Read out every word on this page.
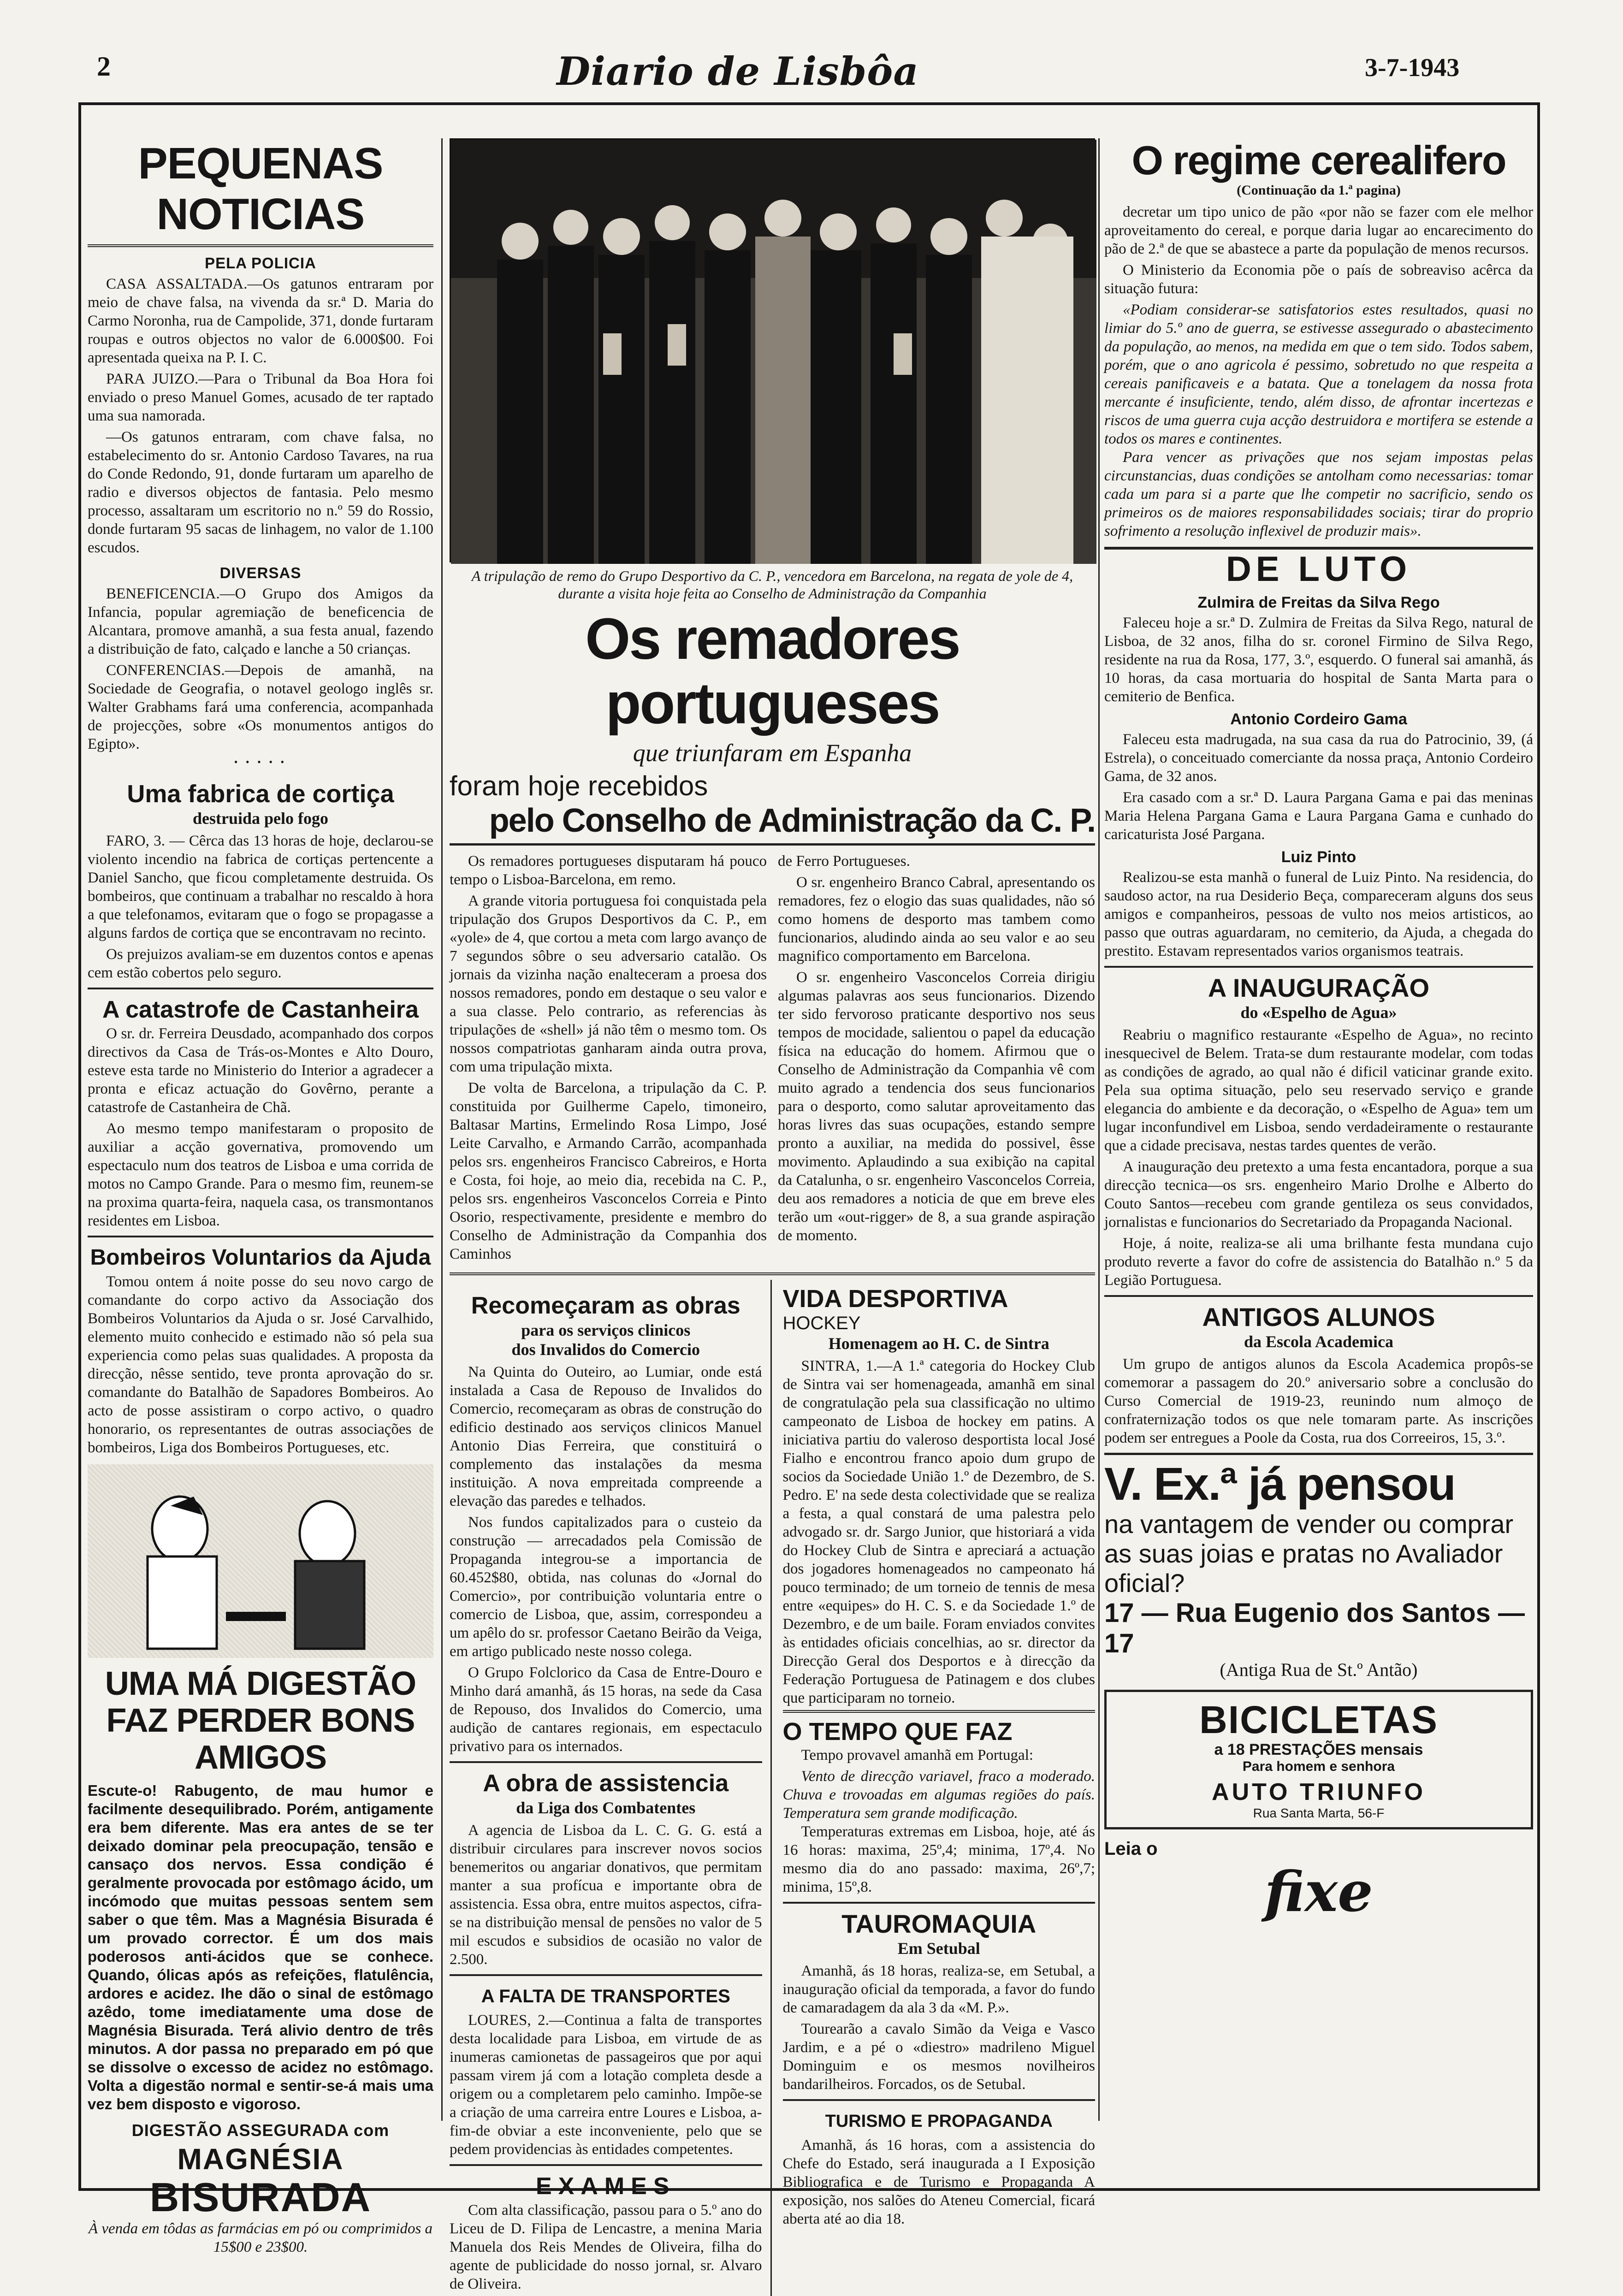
2	Diario de Lisbôa	3-7-1943
PEQUENAS NOTICIAS
PELA POLICIA

CASA ASSALTADA.—Os gatunos entraram por meio de chave falsa, na vivenda da sr.ª D. Maria do Carmo Noronha, rua de Campolide, 371, donde furtaram roupas e outros objectos no valor de 6.000$00. Foi apresentada queixa na P. I. C.

PARA JUIZO.—Para o Tribunal da Boa Hora foi enviado o preso Manuel Gomes, acusado de ter raptado uma sua namorada.

—Os gatunos entraram, com chave falsa, no estabelecimento do sr. Antonio Cardoso Tavares, na rua do Conde Redondo, 91, donde furtaram um aparelho de radio e diversos objectos de fantasia. Pelo mesmo processo, assaltaram um escritorio no n.º 59 do Rossio, donde furtaram 95 sacas de linhagem, no valor de 1.100 escudos.

DIVERSAS

BENEFICENCIA.—O Grupo dos Amigos da Infancia, popular agremiação de beneficencia de Alcantara, promove amanhã, a sua festa anual, fazendo a distribuição de fato, calçado e lanche a 50 crianças.

CONFERENCIAS.—Depois de amanhã, na Sociedade de Geografia, o notavel geologo inglês sr. Walter Grabhams fará uma conferencia, acompanhada de projecções, sobre «Os monumentos antigos do Egipto».

• • • • •
Uma fabrica de cortiça
destruida pelo fogo

FARO, 3. — Cêrca das 13 horas de hoje, declarou-se violento incendio na fabrica de cortiças pertencente a Daniel Sancho, que ficou completamente destruida. Os bombeiros, que continuam a trabalhar no rescaldo à hora a que telefonamos, evitaram que o fogo se propagasse a alguns fardos de cortiça que se encontravam no recinto.

Os prejuizos avaliam-se em duzentos contos e apenas cem estão cobertos pelo seguro.

A catastrofe de Castanheira

O sr. dr. Ferreira Deusdado, acompanhado dos corpos directivos da Casa de Trás-os-Montes e Alto Douro, esteve esta tarde no Ministerio do Interior a agradecer a pronta e eficaz actuação do Govêrno, perante a catastrofe de Castanheira de Chã.

Ao mesmo tempo manifestaram o proposito de auxiliar a acção governativa, promovendo um espectaculo num dos teatros de Lisboa e uma corrida de motos no Campo Grande. Para o mesmo fim, reunem-se na proxima quarta-feira, naquela casa, os transmontanos residentes em Lisboa.

Bombeiros Voluntarios da Ajuda

Tomou ontem á noite posse do seu novo cargo de comandante do corpo activo da Associação dos Bombeiros Voluntarios da Ajuda o sr. José Carvalhido, elemento muito conhecido e estimado não só pela sua experiencia como pelas suas qualidades. A proposta da direcção, nêsse sentido, teve pronta aprovação do sr. comandante do Batalhão de Sapadores Bombeiros. Ao acto de posse assistiram o corpo activo, o quadro honorario, os representantes de outras associações de bombeiros, Liga dos Bombeiros Portugueses, etc.

UMA MÁ DIGESTÃO FAZ PERDER BONS AMIGOS

Escute-o! Rabugento, de mau humor e facilmente desequilibrado. Porém, antigamente era bem diferente. Mas era antes de se ter deixado dominar pela preocupação, tensão e cansaço dos nervos. Essa condição é geralmente provocada por estômago ácido, um incómodo que muitas pessoas sentem sem saber o que têm. Mas a Magnésia Bisurada é um provado corrector. É um dos mais poderosos anti-ácidos que se conhece. Quando, ólicas após as refeições, flatulência, ardores e acidez. Ihe dão o sinal de estômago azêdo, tome imediatamente uma dose de Magnésia Bisurada. Terá alivio dentro de três minutos. A dor passa no preparado em pó que se dissolve o excesso de acidez no estômago. Volta a digestão normal e sentir-se-á mais uma vez bem disposto e vigoroso.

DIGESTÃO ASSEGURADA com
MAGNÉSIA
BISURADA

À venda em tôdas as farmácias em pó ou comprimidos a 15$00 e 23$00.

A tripulação de remo do Grupo Desportivo da C. P., vencedora em Barcelona, na regata de yole de 4, durante a visita hoje feita ao Conselho de Administração da Companhia
Os remadores portugueses
que triunfaram em Espanha
foram hoje recebidos
pelo Conselho de Administração da C. P.

Os remadores portugueses disputaram há pouco tempo o Lisboa-Barcelona, em remo.

A grande vitoria portuguesa foi conquistada pela tripulação dos Grupos Desportivos da C. P., em «yole» de 4, que cortou a meta com largo avanço de 7 segundos sôbre o seu adversario catalão. Os jornais da vizinha nação enalteceram a proesa dos nossos remadores, pondo em destaque o seu valor e a sua classe. Pelo contrario, as referencias às tripulações de «shell» já não têm o mesmo tom. Os nossos compatriotas ganharam ainda outra prova, com uma tripulação mixta.

De volta de Barcelona, a tripulação da C. P. constituida por Guilherme Capelo, timoneiro, Baltasar Martins, Ermelindo Rosa Limpo, José Leite Carvalho, e Armando Carrão, acompanhada pelos srs. engenheiros Francisco Cabreiros, e Horta e Costa, foi hoje, ao meio dia, recebida na C. P., pelos srs. engenheiros Vasconcelos Correia e Pinto Osorio, respectivamente, presidente e membro do Conselho de Administração da Companhia dos Caminhos

de Ferro Portugueses.

O sr. engenheiro Branco Cabral, apresentando os remadores, fez o elogio das suas qualidades, não só como homens de desporto mas tambem como funcionarios, aludindo ainda ao seu valor e ao seu magnifico comportamento em Barcelona.

O sr. engenheiro Vasconcelos Correia dirigiu algumas palavras aos seus funcionarios. Dizendo ter sido fervoroso praticante desportivo nos seus tempos de mocidade, salientou o papel da educação física na educação do homem. Afirmou que o Conselho de Administração da Companhia vê com muito agrado a tendencia dos seus funcionarios para o desporto, como salutar aproveitamento das horas livres das suas ocupações, estando sempre pronto a auxiliar, na medida do possivel, êsse movimento. Aplaudindo a sua exibição na capital da Catalunha, o sr. engenheiro Vasconcelos Correia, deu aos remadores a noticia de que em breve eles terão um «out-rigger» de 8, a sua grande aspiração de momento.

Recomeçaram as obras
para os serviços clinicos
dos Invalidos do Comercio

Na Quinta do Outeiro, ao Lumiar, onde está instalada a Casa de Repouso de Invalidos do Comercio, recomeçaram as obras de construção do edificio destinado aos serviços clinicos Manuel Antonio Dias Ferreira, que constituirá o complemento das instalações da mesma instituição. A nova empreitada compreende a elevação das paredes e telhados.

Nos fundos capitalizados para o custeio da construção — arrecadados pela Comissão de Propaganda integrou-se a importancia de 60.452$80, obtida, nas colunas do «Jornal do Comercio», por contribuição voluntaria entre o comercio de Lisboa, que, assim, correspondeu a um apêlo do sr. professor Caetano Beirão da Veiga, em artigo publicado neste nosso colega.

O Grupo Folclorico da Casa de Entre-Douro e Minho dará amanhã, ás 15 horas, na sede da Casa de Repouso, dos Invalidos do Comercio, uma audição de cantares regionais, em espectaculo privativo para os internados.

A obra de assistencia
da Liga dos Combatentes

A agencia de Lisboa da L. C. G. G. está a distribuir circulares para inscrever novos socios benemeritos ou angariar donativos, que permitam manter a sua profícua e importante obra de assistencia. Essa obra, entre muitos aspectos, cifra-se na distribuição mensal de pensões no valor de 5 mil escudos e subsidios de ocasião no valor de 2.500.

A FALTA DE TRANSPORTES

LOURES, 2.—Continua a falta de transportes desta localidade para Lisboa, em virtude de as inumeras camionetas de passageiros que por aqui passam virem já com a lotação completa desde a origem ou a completarem pelo caminho. Impõe-se a criação de uma carreira entre Loures e Lisboa, a-fim-de obviar a este inconveniente, pelo que se pedem providencias às entidades competentes.

EXAMES

Com alta classificação, passou para o 5.º ano do Liceu de D. Filipa de Lencastre, a menina Maria Manuela dos Reis Mendes de Oliveira, filha do agente de publicidade do nosso jornal, sr. Alvaro de Oliveira.

VIDA DESPORTIVA
HOCKEY
Homenagem ao H. C. de Sintra

SINTRA, 1.—A 1.ª categoria do Hockey Club de Sintra vai ser homenageada, amanhã em sinal de congratulação pela sua classificação no ultimo campeonato de Lisboa de hockey em patins. A iniciativa partiu do valeroso desportista local José Fialho e encontrou franco apoio dum grupo de socios da Sociedade União 1.º de Dezembro, de S. Pedro. E' na sede desta colectividade que se realiza a festa, a qual constará de uma palestra pelo advogado sr. dr. Sargo Junior, que historiará a vida do Hockey Club de Sintra e apreciará a actuação dos jogadores homenageados no campeonato há pouco terminado; de um torneio de tennis de mesa entre «equipes» do H. C. S. e da Sociedade 1.º de Dezembro, e de um baile. Foram enviados convites às entidades oficiais concelhias, ao sr. director da Direcção Geral dos Desportos e à direcção da Federação Portuguesa de Patinagem e dos clubes que participaram no torneio.

O TEMPO QUE FAZ

Tempo provavel amanhã em Portugal:

Vento de direcção variavel, fraco a moderado. Chuva e trovoadas em algumas regiões do país. Temperatura sem grande modificação.

Temperaturas extremas em Lisboa, hoje, até ás 16 horas: maxima, 25º,4; minima, 17º,4. No mesmo dia do ano passado: maxima, 26º,7; minima, 15º,8.

TAUROMAQUIA
Em Setubal

Amanhã, ás 18 horas, realiza-se, em Setubal, a inauguração oficial da temporada, a favor do fundo de camaradagem da ala 3 da «M. P.».

Tourearão a cavalo Simão da Veiga e Vasco Jardim, e a pé o «diestro» madrileno Miguel Dominguim e os mesmos novilheiros bandarilheiros. Forcados, os de Setubal.

TURISMO E PROPAGANDA

Amanhã, ás 16 horas, com a assistencia do Chefe do Estado, será inaugurada a I Exposição Bibliografica e de Turismo e Propaganda A exposição, nos salões do Ateneu Comercial, ficará aberta até ao dia 18.

O regime cerealifero
(Continuação da 1.ª pagina)

decretar um tipo unico de pão «por não se fazer com ele melhor aproveitamento do cereal, e porque daria lugar ao encarecimento do pão de 2.ª de que se abastece a parte da população de menos recursos.

O Ministerio da Economia põe o país de sobreaviso acêrca da situação futura:

«Podiam considerar-se satisfatorios estes resultados, quasi no limiar do 5.º ano de guerra, se estivesse assegurado o abastecimento da população, ao menos, na medida em que o tem sido. Todos sabem, porém, que o ano agricola é pessimo, sobretudo no que respeita a cereais panificaveis e a batata. Que a tonelagem da nossa frota mercante é insuficiente, tendo, além disso, de afrontar incertezas e riscos de uma guerra cuja acção destruidora e mortifera se estende a todos os mares e continentes.

Para vencer as privações que nos sejam impostas pelas circunstancias, duas condições se antolham como necessarias: tomar cada um para si a parte que lhe competir no sacrificio, sendo os primeiros os de maiores responsabilidades sociais; tirar do proprio sofrimento a resolução inflexivel de produzir mais».

DE LUTO
Zulmira de Freitas da Silva Rego

Faleceu hoje a sr.ª D. Zulmira de Freitas da Silva Rego, natural de Lisboa, de 32 anos, filha do sr. coronel Firmino de Silva Rego, residente na rua da Rosa, 177, 3.º, esquerdo. O funeral sai amanhã, ás 10 horas, da casa mortuaria do hospital de Santa Marta para o cemiterio de Benfica.

Antonio Cordeiro Gama

Faleceu esta madrugada, na sua casa da rua do Patrocinio, 39, (á Estrela), o conceituado comerciante da nossa praça, Antonio Cordeiro Gama, de 32 anos.

Era casado com a sr.ª D. Laura Pargana Gama e pai das meninas Maria Helena Pargana Gama e Laura Pargana Gama e cunhado do caricaturista José Pargana.

Luiz Pinto

Realizou-se esta manhã o funeral de Luiz Pinto. Na residencia, do saudoso actor, na rua Desiderio Beça, compareceram alguns dos seus amigos e companheiros, pessoas de vulto nos meios artisticos, ao passo que outras aguardaram, no cemiterio, da Ajuda, a chegada do prestito. Estavam representados varios organismos teatrais.

A INAUGURAÇÃO
do «Espelho de Agua»

Reabriu o magnifico restaurante «Espelho de Agua», no recinto inesquecivel de Belem. Trata-se dum restaurante modelar, com todas as condições de agrado, ao qual não é dificil vaticinar grande exito. Pela sua optima situação, pelo seu reservado serviço e grande elegancia do ambiente e da decoração, o «Espelho de Agua» tem um lugar inconfundivel em Lisboa, sendo verdadeiramente o restaurante que a cidade precisava, nestas tardes quentes de verão.

A inauguração deu pretexto a uma festa encantadora, porque a sua direcção tecnica—os srs. engenheiro Mario Drolhe e Alberto do Couto Santos—recebeu com grande gentileza os seus convidados, jornalistas e funcionarios do Secretariado da Propaganda Nacional.

Hoje, á noite, realiza-se ali uma brilhante festa mundana cujo produto reverte a favor do cofre de assistencia do Batalhão n.º 5 da Legião Portuguesa.

ANTIGOS ALUNOS
da Escola Academica

Um grupo de antigos alunos da Escola Academica propôs-se comemorar a passagem do 20.º aniversario sobre a conclusão do Curso Comercial de 1919-23, reunindo num almoço de confraternização todos os que nele tomaram parte. As inscrições podem ser entregues a Poole da Costa, rua dos Correeiros, 15, 3.º.

V. Ex.ª já pensou
na vantagem de vender ou comprar as suas joias e pratas no Avaliador oficial?
17 — Rua Eugenio dos Santos — 17
(Antiga Rua de St.º Antão)
BICICLETAS
a 18 PRESTAÇÕES mensais
Para homem e senhora
AUTO TRIUNFO
Rua Santa Marta, 56-F
Leia o
fixe
